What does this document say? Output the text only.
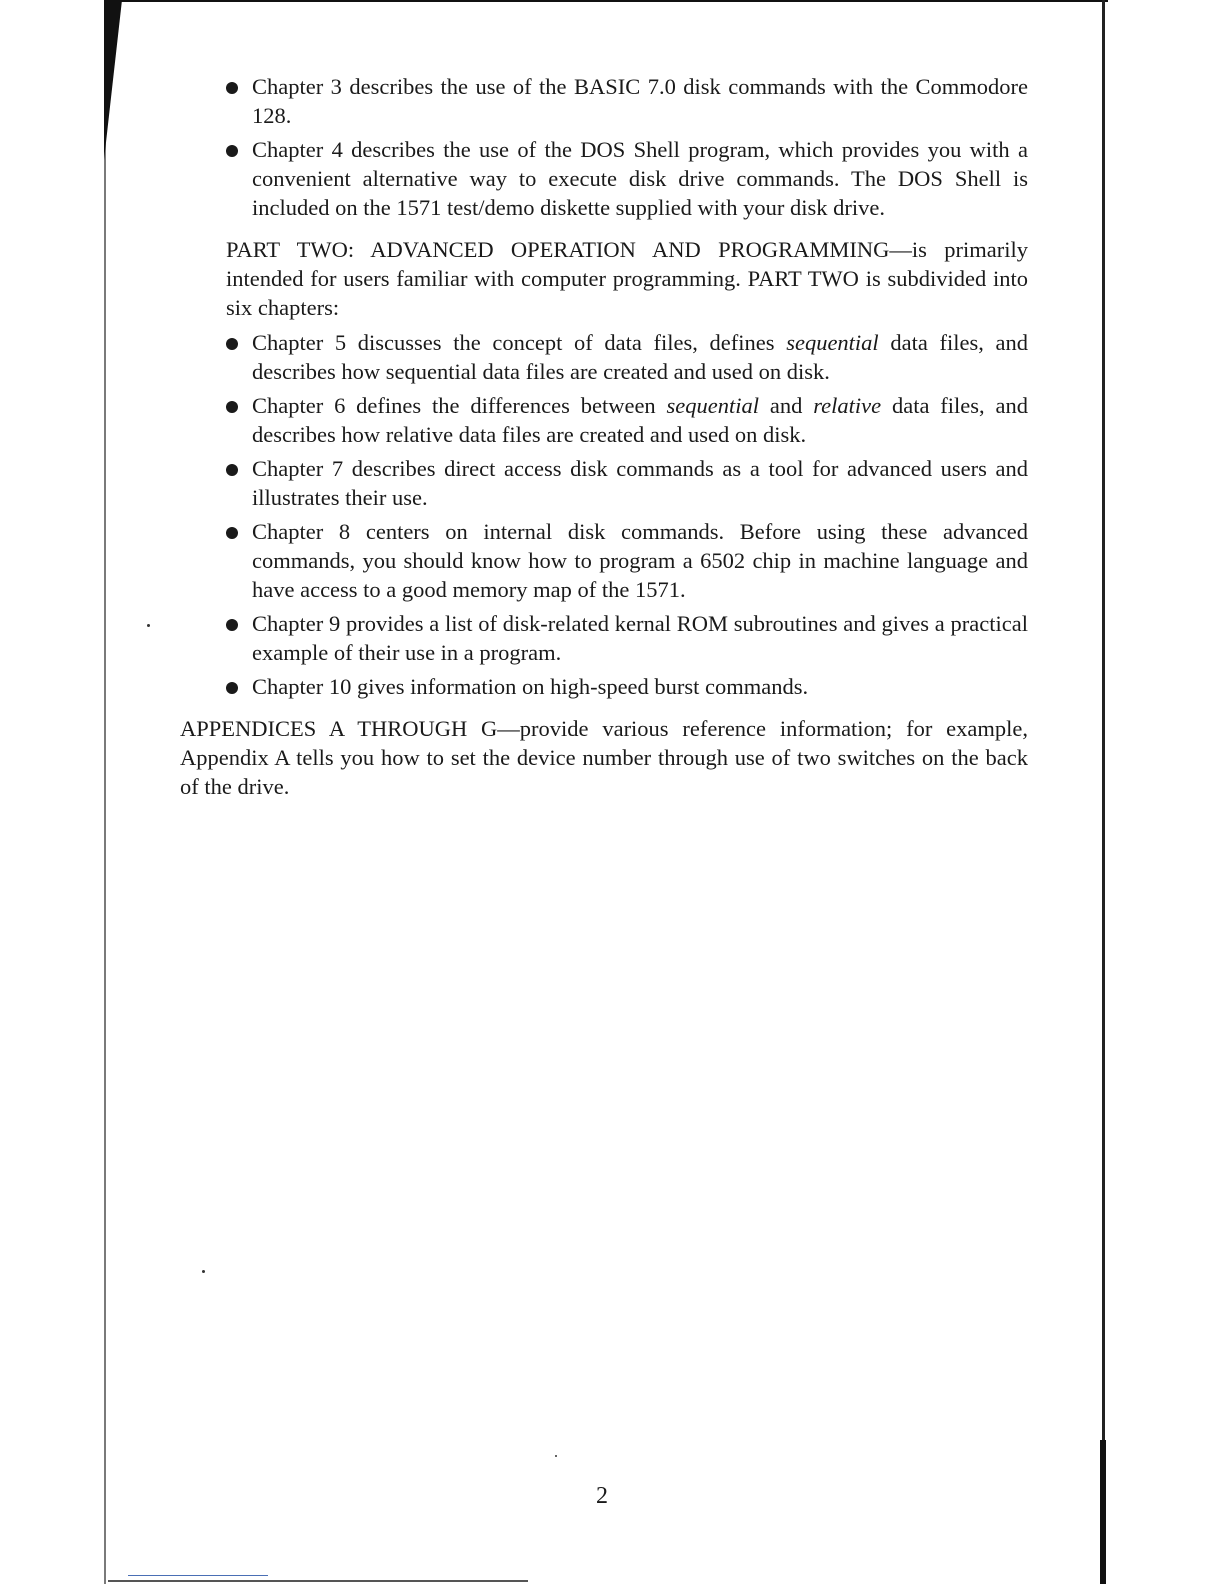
Chapter 3 describes the use of the BASIC 7.0 disk commands with the Commodore 128.
Chapter 4 describes the use of the DOS Shell program, which provides you with a convenient alternative way to execute disk drive commands. The DOS Shell is included on the 1571 test/demo diskette supplied with your disk drive.

PART TWO: ADVANCED OPERATION AND PROGRAMMING—is primarily intended for users familiar with computer programming. PART TWO is subdivided into six chapters:

Chapter 5 discusses the concept of data files, defines sequential data files, and describes how sequential data files are created and used on disk.
Chapter 6 defines the differences between sequential and relative data files, and describes how relative data files are created and used on disk.
Chapter 7 describes direct access disk commands as a tool for advanced users and illustrates their use.
Chapter 8 centers on internal disk commands. Before using these advanced commands, you should know how to program a 6502 chip in machine language and have access to a good memory map of the 1571.
Chapter 9 provides a list of disk-related kernal ROM subroutines and gives a practical example of their use in a program.
Chapter 10 gives information on high-speed burst commands.

APPENDICES A THROUGH G—provide various reference information; for example, Appendix A tells you how to set the device number through use of two switches on the back of the drive.

2
